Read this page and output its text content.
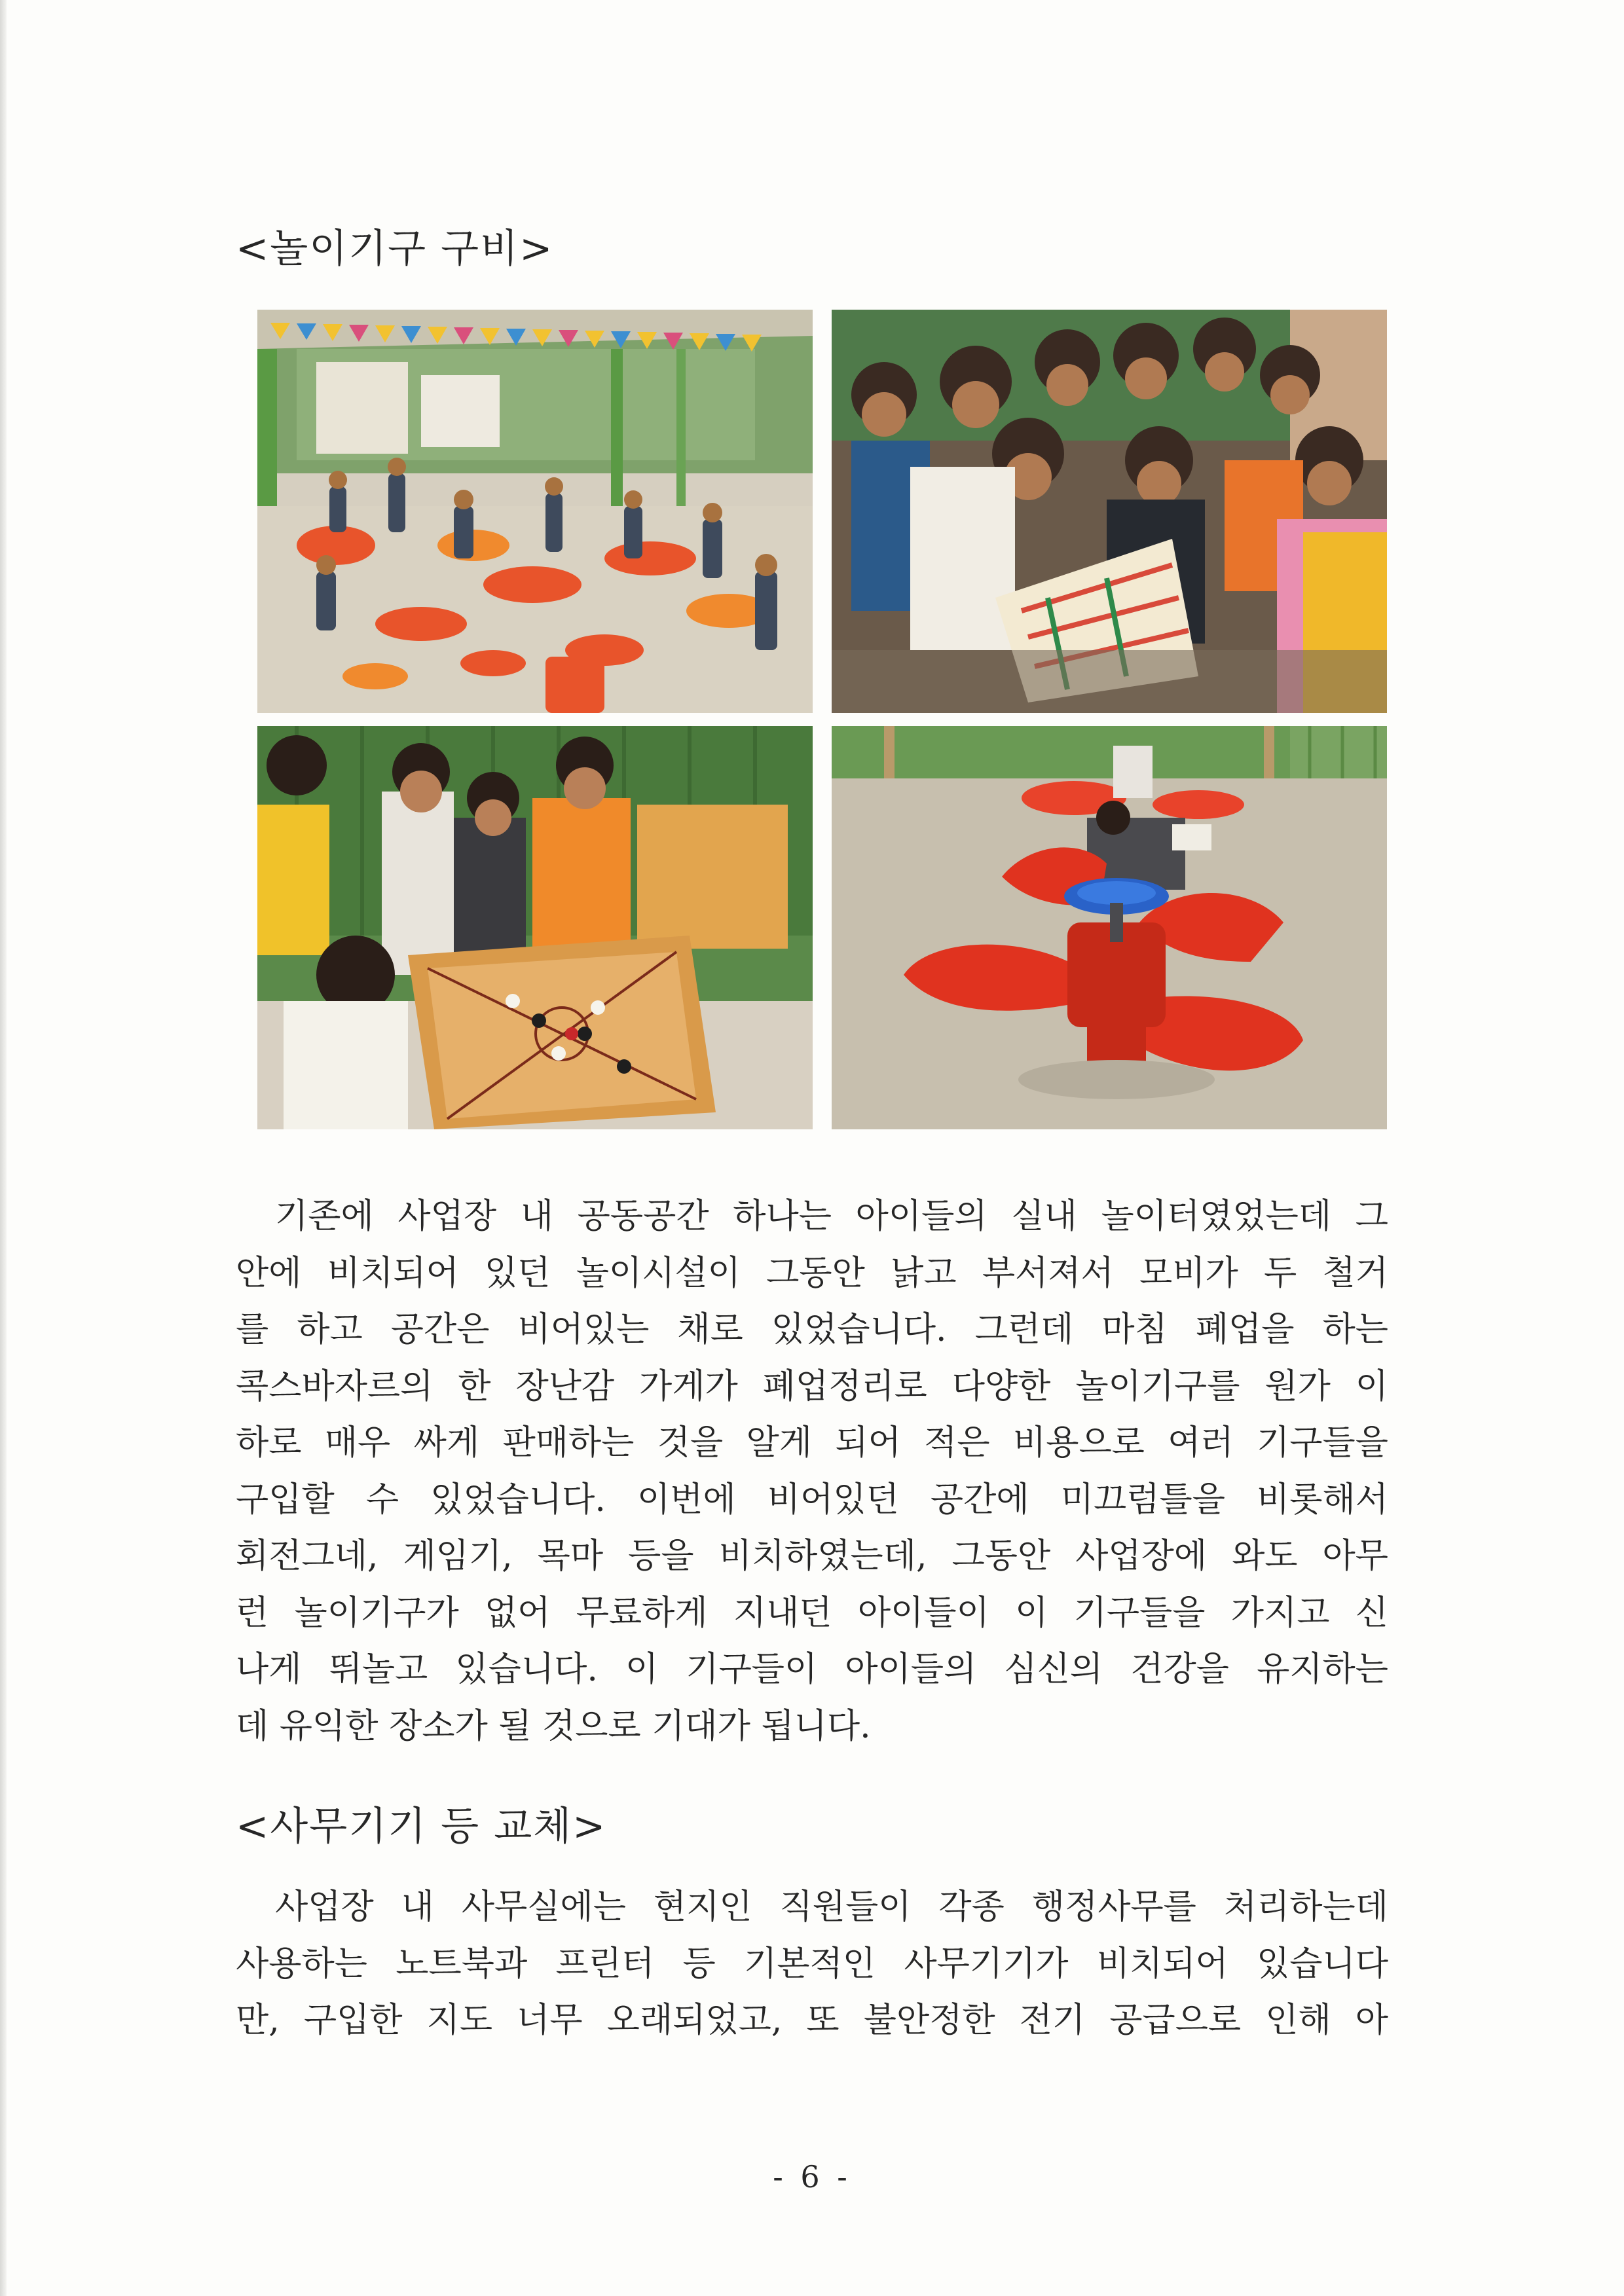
<놀이기구 구비>
기존에 사업장 내 공동공간 하나는 아이들의 실내 놀이터였었는데 그
안에 비치되어 있던 놀이시설이 그동안 낡고 부서져서 모비가 두 철거
를 하고 공간은 비어있는 채로 있었습니다. 그런데 마침 폐업을 하는
콕스바자르의 한 장난감 가게가 폐업정리로 다양한 놀이기구를 원가 이
하로 매우 싸게 판매하는 것을 알게 되어 적은 비용으로 여러 기구들을
구입할 수 있었습니다. 이번에 비어있던 공간에 미끄럼틀을 비롯해서
회전그네, 게임기, 목마 등을 비치하였는데, 그동안 사업장에 와도 아무
런 놀이기구가 없어 무료하게 지내던 아이들이 이 기구들을 가지고 신
나게 뛰놀고 있습니다. 이 기구들이 아이들의 심신의 건강을 유지하는
데 유익한 장소가 될 것으로 기대가 됩니다.
<사무기기 등 교체>
사업장 내 사무실에는 현지인 직원들이 각종 행정사무를 처리하는데
사용하는 노트북과 프린터 등 기본적인 사무기기가 비치되어 있습니다
만, 구입한 지도 너무 오래되었고, 또 불안정한 전기 공급으로 인해 아
- 6 -
